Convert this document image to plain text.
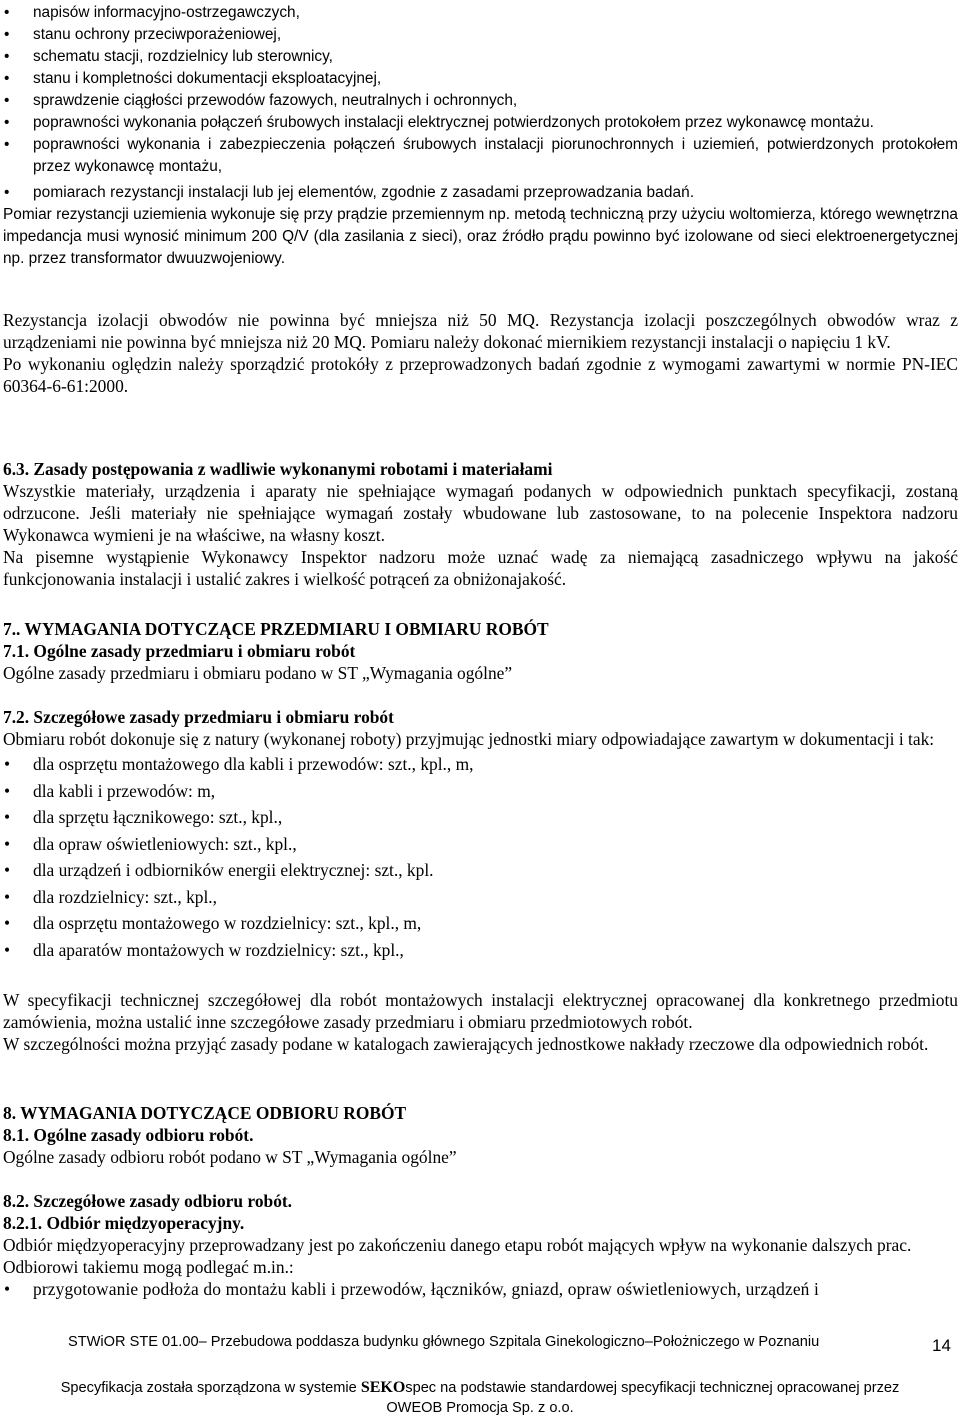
•	napisów informacyjno-ostrzegawczych,
•	stanu ochrony przeciwporażeniowej,
•	schematu stacji, rozdzielnicy lub sterownicy,
•	stanu i kompletności dokumentacji eksploatacyjnej,
•	sprawdzenie ciągłości przewodów fazowych, neutralnych i ochronnych,
•	poprawności wykonania połączeń śrubowych instalacji elektrycznej potwierdzonych protokołem przez wykonawcę montażu.
•	poprawności wykonania i zabezpieczenia połączeń śrubowych instalacji piorunochronnych i uziemień, potwierdzonych protokołem przez wykonawcę montażu,
•	pomiarach rezystancji instalacji lub jej elementów, zgodnie z zasadami przeprowadzania badań.

Pomiar rezystancji uziemienia wykonuje się przy prądzie przemiennym np. metodą techniczną przy użyciu woltomierza, którego wewnętrzna impedancja musi wynosić minimum 200 Q/V (dla zasilania z sieci), oraz źródło prądu powinno być izolowane od sieci elektroenergetycznej np. przez transformator dwuuzwojeniowy.

Rezystancja izolacji obwodów nie powinna być mniejsza niż 50 MQ. Rezystancja izolacji poszczególnych obwodów wraz z urządzeniami nie powinna być mniejsza niż 20 MQ. Pomiaru należy dokonać miernikiem rezystancji instalacji o napięciu 1 kV.

Po wykonaniu oględzin należy sporządzić protokóły z przeprowadzonych badań zgodnie z wymogami zawartymi w normie PN-IEC 60364-6-61:2000.

6.3. Zasady postępowania z wadliwie wykonanymi robotami i materiałami

Wszystkie materiały, urządzenia i aparaty nie spełniające wymagań podanych w odpowiednich punktach specyfikacji, zostaną odrzucone. Jeśli materiały nie spełniające wymagań zostały wbudowane lub zastosowane, to na polecenie Inspektora nadzoru Wykonawca wymieni je na właściwe, na własny koszt.

Na pisemne wystąpienie Wykonawcy Inspektor nadzoru może uznać wadę za niemającą zasadniczego wpływu na jakość funkcjonowania instalacji i ustalić zakres i wielkość potrąceń za obniżonajakość.

7.. WYMAGANIA DOTYCZĄCE PRZEDMIARU I OBMIARU ROBÓT

7.1. Ogólne zasady przedmiaru i obmiaru robót

Ogólne zasady przedmiaru i obmiaru podano w ST „Wymagania ogólne”

7.2. Szczegółowe zasady przedmiaru i obmiaru robót

Obmiaru robót dokonuje się z natury (wykonanej roboty) przyjmując jednostki miary odpowiadające zawartym w dokumentacji i tak:

•	dla osprzętu montażowego dla kabli i przewodów: szt., kpl., m,
•	dla kabli i przewodów: m,
•	dla sprzętu łącznikowego: szt., kpl.,
•	dla opraw oświetleniowych: szt., kpl.,
•	dla urządzeń i odbiorników energii elektrycznej: szt., kpl.
•	dla rozdzielnicy: szt., kpl.,
•	dla osprzętu montażowego w rozdzielnicy: szt., kpl., m,
•	dla aparatów montażowych w rozdzielnicy: szt., kpl.,

W specyfikacji technicznej szczegółowej dla robót montażowych instalacji elektrycznej opracowanej dla konkretnego przedmiotu zamówienia, można ustalić inne szczegółowe zasady przedmiaru i obmiaru przedmiotowych robót.

W szczególności można przyjąć zasady podane w katalogach zawierających jednostkowe nakłady rzeczowe dla odpowiednich robót.

8. WYMAGANIA DOTYCZĄCE ODBIORU ROBÓT

8.1. Ogólne zasady odbioru robót.

Ogólne zasady odbioru robót podano w ST „Wymagania ogólne”

8.2. Szczegółowe zasady odbioru robót.

8.2.1. Odbiór międzyoperacyjny.

Odbiór międzyoperacyjny przeprowadzany jest po zakończeniu danego etapu robót mających wpływ na wykonanie dalszych prac.

Odbiorowi takiemu mogą podlegać m.in.:

•	przygotowanie podłoża do montażu kabli i przewodów, łączników, gniazd, opraw oświetleniowych, urządzeń i
STWiOR STE 01.00– Przebudowa poddasza budynku głównego Szpitala Ginekologiczno–Położniczego w Poznaniu	14
Specyfikacja została sporządzona w systemie SEKOspec na podstawie standardowej specyfikacji technicznej opracowanej przez
OWEOB Promocja Sp. z o.o.
